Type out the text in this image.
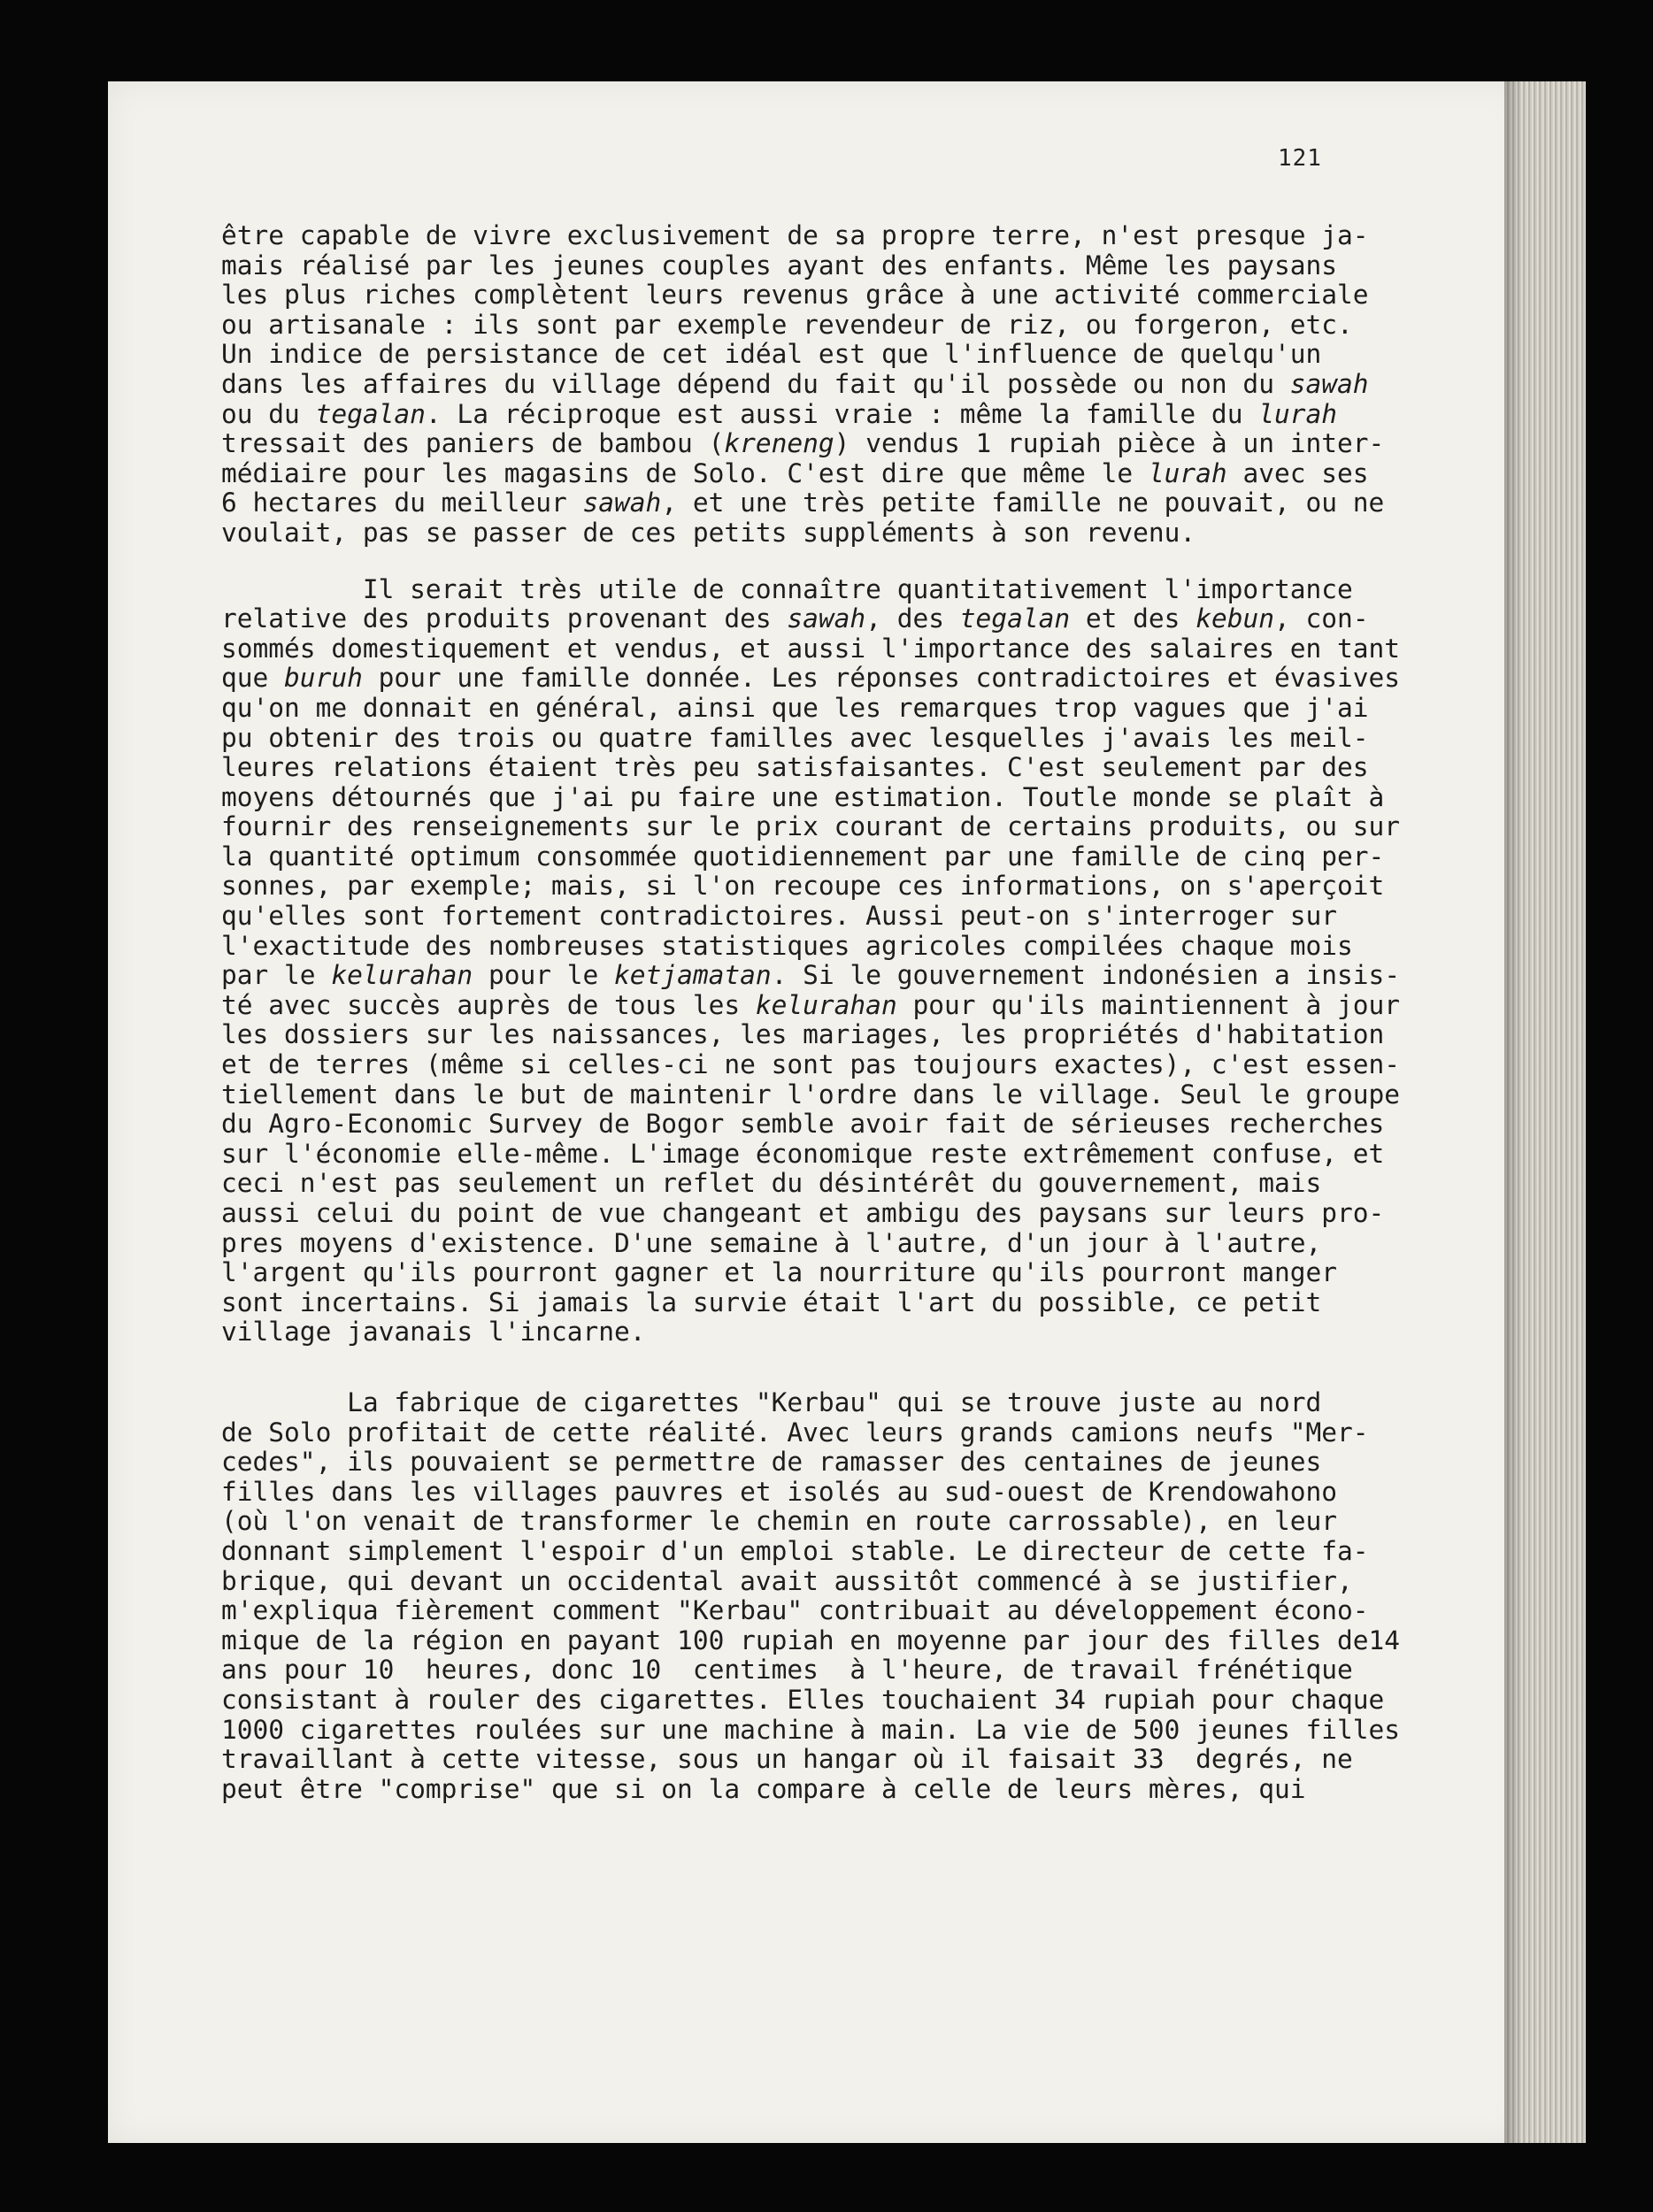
121
être capable de vivre exclusivement de sa propre terre, n'est presque ja-
mais réalisé par les jeunes couples ayant des enfants. Même les paysans
les plus riches complètent leurs revenus grâce à une activité commerciale
ou artisanale : ils sont par exemple revendeur de riz, ou forgeron, etc.
Un indice de persistance de cet idéal est que l'influence de quelqu'un
dans les affaires du village dépend du fait qu'il possède ou non du sawah
ou du tegalan. La réciproque est aussi vraie : même la famille du lurah
tressait des paniers de bambou (kreneng) vendus 1 rupiah pièce à un inter-
médiaire pour les magasins de Solo. C'est dire que même le lurah avec ses
6 hectares du meilleur sawah, et une très petite famille ne pouvait, ou ne
voulait, pas se passer de ces petits suppléments à son revenu.
Il serait très utile de connaître quantitativement l'importance
relative des produits provenant des sawah, des tegalan et des kebun, con-
sommés domestiquement et vendus, et aussi l'importance des salaires en tant
que buruh pour une famille donnée. Les réponses contradictoires et évasives
qu'on me donnait en général, ainsi que les remarques trop vagues que j'ai
pu obtenir des trois ou quatre familles avec lesquelles j'avais les meil-
leures relations étaient très peu satisfaisantes. C'est seulement par des
moyens détournés que j'ai pu faire une estimation. Toutle monde se plaît à
fournir des renseignements sur le prix courant de certains produits, ou sur
la quantité optimum consommée quotidiennement par une famille de cinq per-
sonnes, par exemple; mais, si l'on recoupe ces informations, on s'aperçoit
qu'elles sont fortement contradictoires. Aussi peut-on s'interroger sur
l'exactitude des nombreuses statistiques agricoles compilées chaque mois
par le kelurahan pour le ketjamatan. Si le gouvernement indonésien a insis-
té avec succès auprès de tous les kelurahan pour qu'ils maintiennent à jour
les dossiers sur les naissances, les mariages, les propriétés d'habitation
et de terres (même si celles-ci ne sont pas toujours exactes), c'est essen-
tiellement dans le but de maintenir l'ordre dans le village. Seul le groupe
du Agro-Economic Survey de Bogor semble avoir fait de sérieuses recherches
sur l'économie elle-même. L'image économique reste extrêmement confuse, et
ceci n'est pas seulement un reflet du désintérêt du gouvernement, mais
aussi celui du point de vue changeant et ambigu des paysans sur leurs pro-
pres moyens d'existence. D'une semaine à l'autre, d'un jour à l'autre,
l'argent qu'ils pourront gagner et la nourriture qu'ils pourront manger
sont incertains. Si jamais la survie était l'art du possible, ce petit
village javanais l'incarne.
La fabrique de cigarettes "Kerbau" qui se trouve juste au nord
de Solo profitait de cette réalité. Avec leurs grands camions neufs "Mer-
cedes", ils pouvaient se permettre de ramasser des centaines de jeunes
filles dans les villages pauvres et isolés au sud-ouest de Krendowahono
(où l'on venait de transformer le chemin en route carrossable), en leur
donnant simplement l'espoir d'un emploi stable. Le directeur de cette fa-
brique, qui devant un occidental avait aussitôt commencé à se justifier,
m'expliqua fièrement comment "Kerbau" contribuait au développement écono-
mique de la région en payant 100 rupiah en moyenne par jour des filles de14
ans pour 10  heures, donc 10  centimes  à l'heure, de travail frénétique
consistant à rouler des cigarettes. Elles touchaient 34 rupiah pour chaque
1000 cigarettes roulées sur une machine à main. La vie de 500 jeunes filles
travaillant à cette vitesse, sous un hangar où il faisait 33  degrés, ne
peut être "comprise" que si on la compare à celle de leurs mères, qui
